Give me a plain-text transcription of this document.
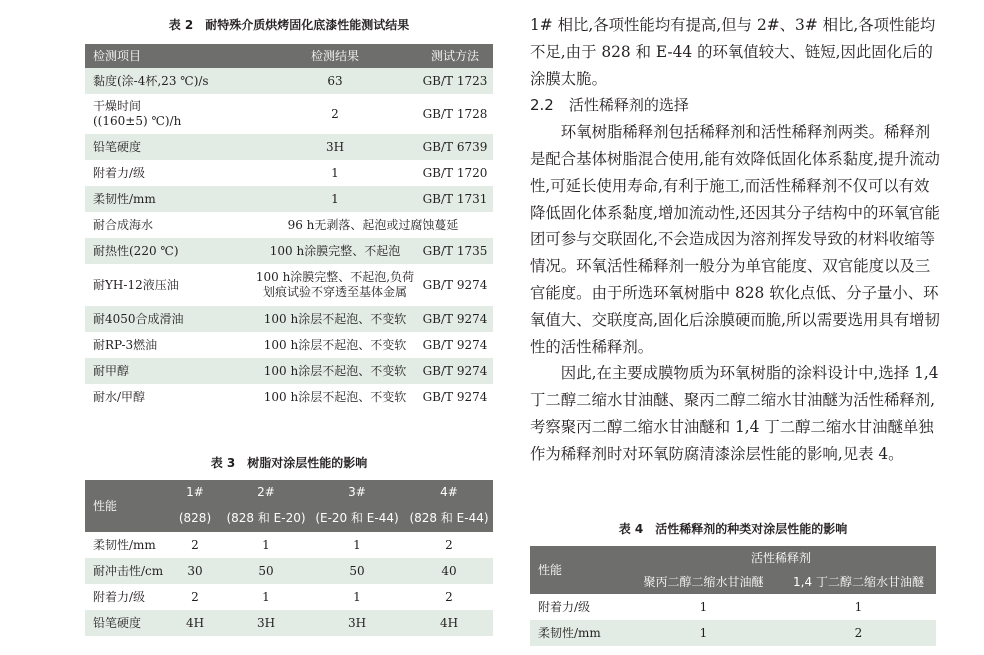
表 2　耐特殊介质烘烤固化底漆性能测试结果
检测项目	检测结果	测试方法
黏度(涂-4杯,23 ℃)/s	63	GB/T 1723
干燥时间
((160±5) ℃)/h	2	GB/T 1728
铅笔硬度	3H	GB/T 6739
附着力/级	1	GB/T 1720
柔韧性/mm	1	GB/T 1731
耐合成海水	96 h无剥落、起泡或过腐蚀蔓延	
耐热性(220 ℃)	100 h涂膜完整、不起泡	GB/T 1735
耐YH-12液压油	100 h涂膜完整、不起泡,负荷
划痕试验不穿透至基体金属	GB/T 9274
耐4050合成滑油	100 h涂层不起泡、不变软	GB/T 9274
耐RP-3燃油	100 h涂层不起泡、不变软	GB/T 9274
耐甲醇	100 h涂层不起泡、不变软	GB/T 9274
耐水/甲醇	100 h涂层不起泡、不变软	GB/T 9274
表 3　树脂对涂层性能的影响
性能	1#	2#	3#	4#
	(828)	(828 和 E-20)	(E-20 和 E-44)	(828 和 E-44)
柔韧性/mm	2	1	1	2
耐冲击性/cm	30	50	50	40
附着力/级	2	1	1	2
铅笔硬度	4H	3H	3H	4H

1# 相比,各项性能均有提高,但与 2#、3# 相比,各项性能均不足,由于 828 和 E-44 的环氧值较大、链短,因此固化后的涂膜太脆。

2.2　活性稀释剂的选择

环氧树脂稀释剂包括稀释剂和活性稀释剂两类。稀释剂是配合基体树脂混合使用,能有效降低固化体系黏度,提升流动性,可延长使用寿命,有利于施工,而活性稀释剂不仅可以有效降低固化体系黏度,增加流动性,还因其分子结构中的环氧官能团可参与交联固化,不会造成因为溶剂挥发导致的材料收缩等情况。环氧活性稀释剂一般分为单官能度、双官能度以及三官能度。由于所选环氧树脂中 828 软化点低、分子量小、环氧值大、交联度高,固化后涂膜硬而脆,所以需要选用具有增韧性的活性稀释剂。

因此,在主要成膜物质为环氧树脂的涂料设计中,选择 1,4 丁二醇二缩水甘油醚、聚丙二醇二缩水甘油醚为活性稀释剂,考察聚丙二醇二缩水甘油醚和 1,4 丁二醇二缩水甘油醚单独作为稀释剂时对环氧防腐清漆涂层性能的影响,见表 4。

表 4　活性稀释剂的种类对涂层性能的影响
性能	活性稀释剂	
	聚丙二醇二缩水甘油醚	1,4 丁二醇二缩水甘油醚
附着力/级	1	1
柔韧性/mm	1	2
